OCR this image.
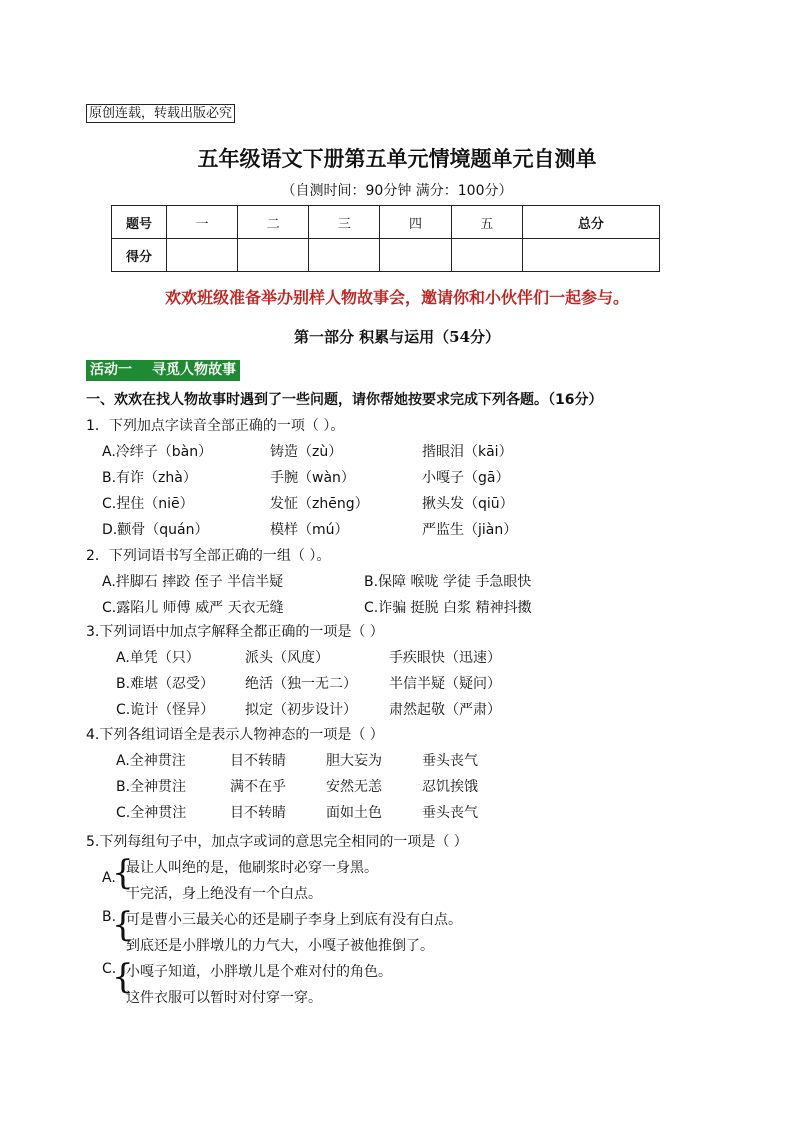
原创连载，转载出版必究
五年级语文下册第五单元情境题单元自测单
（自测时间：90分钟 满分：100分）
题号	一	二	三	四	五	总分
得分						
欢欢班级准备举办别样人物故事会，邀请你和小伙伴们一起参与。
第一部分 积累与运用（54分）
活动一 寻觅人物故事
一、欢欢在找人物故事时遇到了一些问题，请你帮她按要求完成下列各题。（16分）
1．下列加点字读音全部正确的一项（ ）。
A.冷绊子（bàn）	铸造（zù）	揩眼泪（kāi）
B.有诈（zhà）	手腕（wàn）	小嘎子（gā）
C.捏住（niē）	发怔（zhēng）	揪头发（qiū）
D.颧骨（quán）	模样（mú）	严监生（jiàn）
2．下列词语书写全部正确的一组（ ）。
A.拌脚石 摔跤 侄子 半信半疑	B.保障 喉咙 学徒 手急眼快
C.露陷儿 师傅 威严 天衣无缝	C.诈骗 挺脱 白浆 精神抖擞
3.下列词语中加点字解释全都正确的一项是（ ）
A.单凭（只）	派头（风度）	手疾眼快（迅速）
B.难堪（忍受） 绝活（独一无二） 半信半疑（疑问）
C.诡计（怪异） 拟定（初步设计） 肃然起敬（严肃）
4.下列各组词语全是表示人物神态的一项是（ ）
A.全神贯注	目不转睛	胆大妄为	垂头丧气
B.全神贯注	满不在乎	安然无恙	忍饥挨饿
C.全神贯注	目不转睛	面如土色	垂头丧气
5.下列每组句子中，加点字或词的意思完全相同的一项是（ ）
A.
{
最让人叫绝的是，他刷浆时必穿一身黑。
干完活，身上绝没有一个白点。
B.
{
可是曹小三最关心的还是刷子李身上到底有没有白点。
到底还是小胖墩儿的力气大，小嘎子被他推倒了。
C.
{
小嘎子知道，小胖墩儿是个难对付的角色。
这件衣服可以暂时对付穿一穿。
